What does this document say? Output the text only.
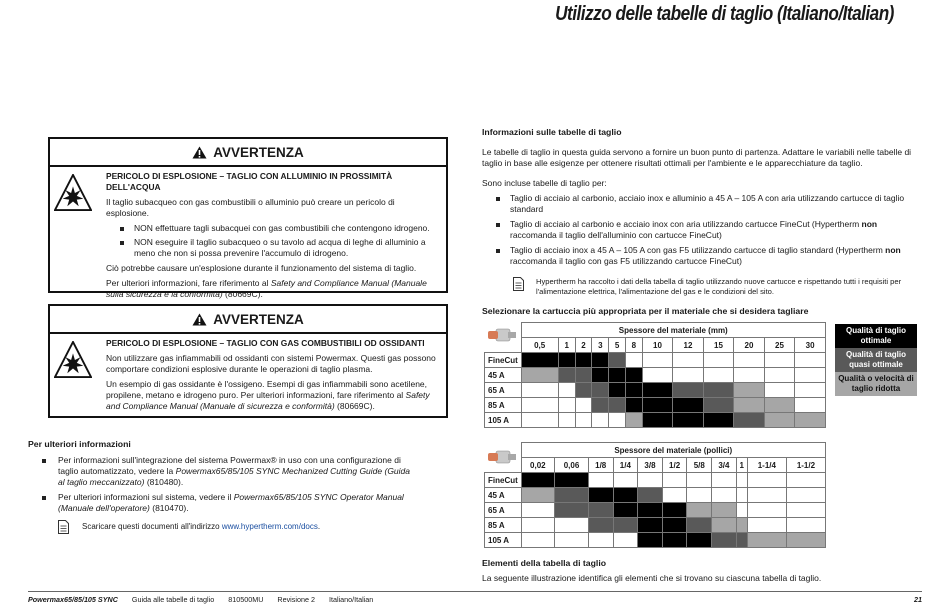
Utilizzo delle tabelle di taglio (Italiano/Italian)
AVVERTENZA
PERICOLO DI ESPLOSIONE – TAGLIO CON ALLUMINIO IN PROSSIMITÀ DELL'ACQUA

Il taglio subacqueo con gas combustibili o alluminio può creare un pericolo di esplosione.

NON effettuare tagli subacquei con gas combustibili che contengono idrogeno.
NON eseguire il taglio subacqueo o su tavolo ad acqua di leghe di alluminio a meno che non si possa prevenire l'accumulo di idrogeno.

Ciò potrebbe causare un'esplosione durante il funzionamento del sistema di taglio.

Per ulteriori informazioni, fare riferimento al Safety and Compliance Manual (Manuale sulla sicurezza e la conformità) (80669C).

AVVERTENZA
PERICOLO DI ESPLOSIONE – TAGLIO CON GAS COMBUSTIBILI OD OSSIDANTI

Non utilizzare gas infiammabili od ossidanti con sistemi Powermax. Questi gas possono comportare condizioni esplosive durante le operazioni di taglio plasma.

Un esempio di gas ossidante è l'ossigeno. Esempi di gas infiammabili sono acetilene, propilene, metano e idrogeno puro. Per ulteriori informazioni, fare riferimento al Safety and Compliance Manual (Manuale di sicurezza e conformità) (80669C).

Per ulteriori informazioni
Per informazioni sull'integrazione del sistema Powermax® in uso con una configurazione di taglio automatizzato, vedere la Powermax65/85/105 SYNC Mechanized Cutting Guide (Guida al taglio meccanizzato) (810480).
Per ulteriori informazioni sul sistema, vedere il Powermax65/85/105 SYNC Operator Manual (Manuale dell'operatore) (810470).
Scaricare questi documenti all'indirizzo www.hypertherm.com/docs.
Informazioni sulle tabelle di taglio
Le tabelle di taglio in questa guida servono a fornire un buon punto di partenza. Adattare le variabili nelle tabelle di taglio in base alle esigenze per ottenere risultati ottimali per l'ambiente e le apparecchiature da taglio.
Sono incluse tabelle di taglio per:
Taglio di acciaio al carbonio, acciaio inox e alluminio a 45 A – 105 A con aria utilizzando cartucce di taglio standard
Taglio di acciaio al carbonio e acciaio inox con aria utilizzando cartucce FineCut (Hypertherm non raccomanda il taglio dell'alluminio con cartucce FineCut)
Taglio di acciaio inox a 45 A – 105 A con gas F5 utilizzando cartucce di taglio standard (Hypertherm non raccomanda il taglio con gas F5 utilizzando cartucce FineCut)
Hypertherm ha raccolto i dati della tabella di taglio utilizzando nuove cartucce e rispettando tutti i requisiti per l'alimentazione elettrica, l'alimentazione del gas e le condizioni del sito.
Selezionare la cartuccia più appropriata per il materiale che si desidera tagliare
	Spessore del materiale (mm)											
	0,5	1	2	3	5	8	10	12	15	20	25	30
FineCut												
45 A												
65 A												
85 A												
105 A												
Qualità di taglio ottimale
Qualità di taglio quasi ottimale
Qualità o velocità di taglio ridotta
	Spessore del materiale (pollici)										
	0,02	0,06	1/8	1/4	3/8	1/2	5/8	3/4	1	1-1/4	1-1/2
FineCut											
45 A											
65 A											
85 A											
105 A											
Elementi della tabella di taglio
La seguente illustrazione identifica gli elementi che si trovano su ciascuna tabella di taglio.
Powermax65/85/105 SYNC Guida alle tabelle di taglio 810500MU Revisione 2 Italiano/Italian	21
